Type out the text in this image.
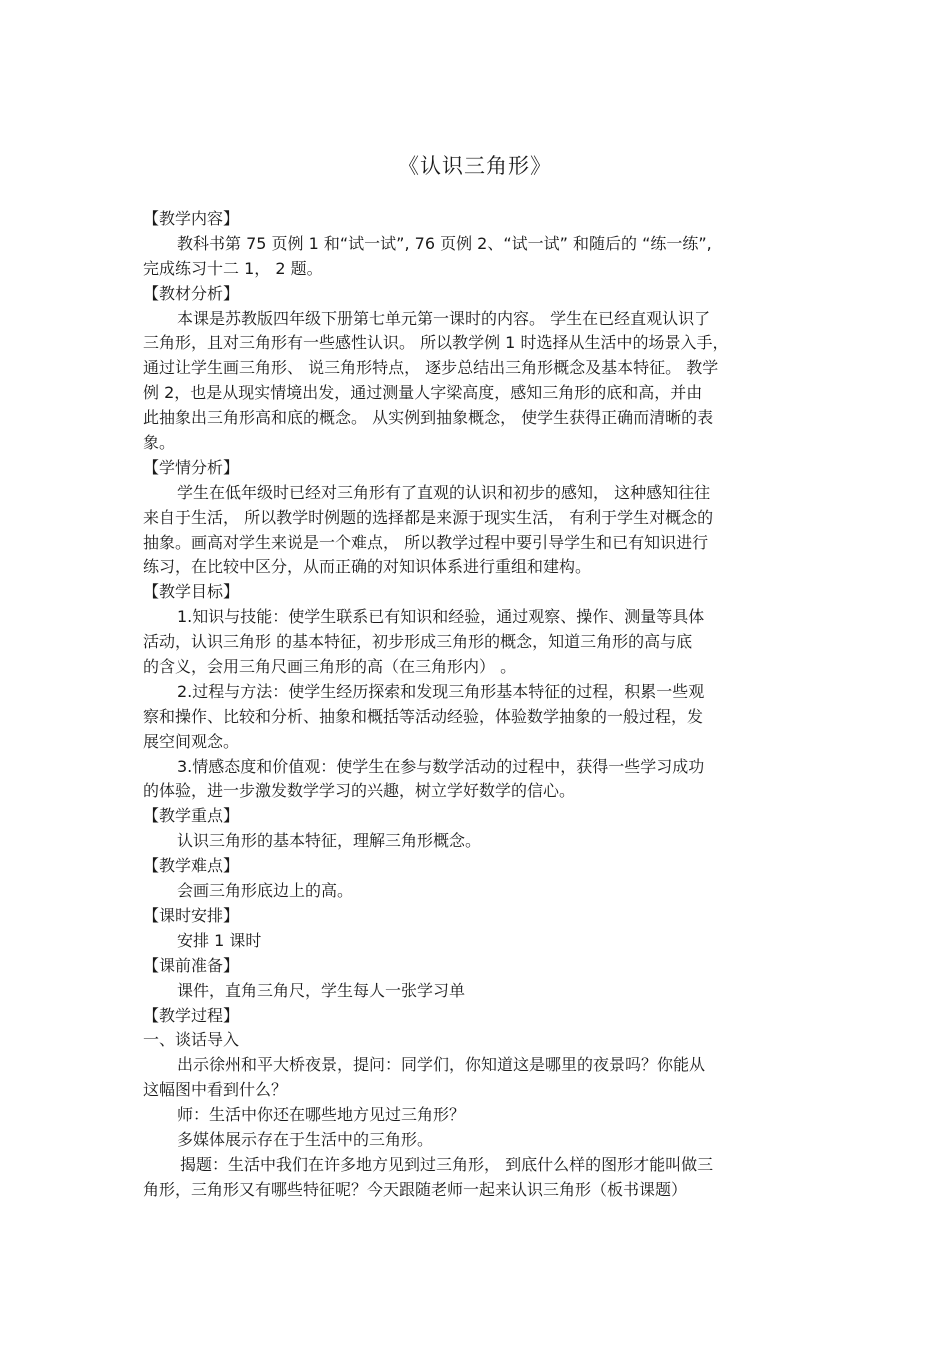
《认识三角形》
【教学内容】
教科书第 75 页例 1 和“试一试”, 76 页例 2、“试一试” 和随后的 “练一练”,
完成练习十二 1， 2 题。
【教材分析】
本课是苏教版四年级下册第七单元第一课时的内容。 学生在已经直观认识了
三角形，且对三角形有一些感性认识。 所以教学例 1 时选择从生活中的场景入手，
通过让学生画三角形、 说三角形特点， 逐步总结出三角形概念及基本特征。 教学
例 2，也是从现实情境出发，通过测量人字梁高度，感知三角形的底和高，并由
此抽象出三角形高和底的概念。 从实例到抽象概念， 使学生获得正确而清晰的表
象。
【学情分析】
学生在低年级时已经对三角形有了直观的认识和初步的感知， 这种感知往往
来自于生活， 所以教学时例题的选择都是来源于现实生活， 有利于学生对概念的
抽象。画高对学生来说是一个难点， 所以教学过程中要引导学生和已有知识进行
练习，在比较中区分，从而正确的对知识体系进行重组和建构。
【教学目标】
1.知识与技能：使学生联系已有知识和经验，通过观察、操作、测量等具体
活动，认识三角形 的基本特征，初步形成三角形的概念，知道三角形的高与底
的含义，会用三角尺画三角形的高（在三角形内） 。
2.过程与方法：使学生经历探索和发现三角形基本特征的过程，积累一些观
察和操作、比较和分析、抽象和概括等活动经验，体验数学抽象的一般过程，发
展空间观念。
3.情感态度和价值观：使学生在参与数学活动的过程中，获得一些学习成功
的体验，进一步激发数学学习的兴趣，树立学好数学的信心。
【教学重点】
认识三角形的基本特征，理解三角形概念。
【教学难点】
会画三角形底边上的高。
【课时安排】
安排 1 课时
【课前准备】
课件，直角三角尺，学生每人一张学习单
【教学过程】
一、谈话导入
出示徐州和平大桥夜景，提问：同学们，你知道这是哪里的夜景吗？你能从
这幅图中看到什么？
师：生活中你还在哪些地方见过三角形？
多媒体展示存在于生活中的三角形。
揭题：生活中我们在许多地方见到过三角形， 到底什么样的图形才能叫做三
角形，三角形又有哪些特征呢？今天跟随老师一起来认识三角形（板书课题）
